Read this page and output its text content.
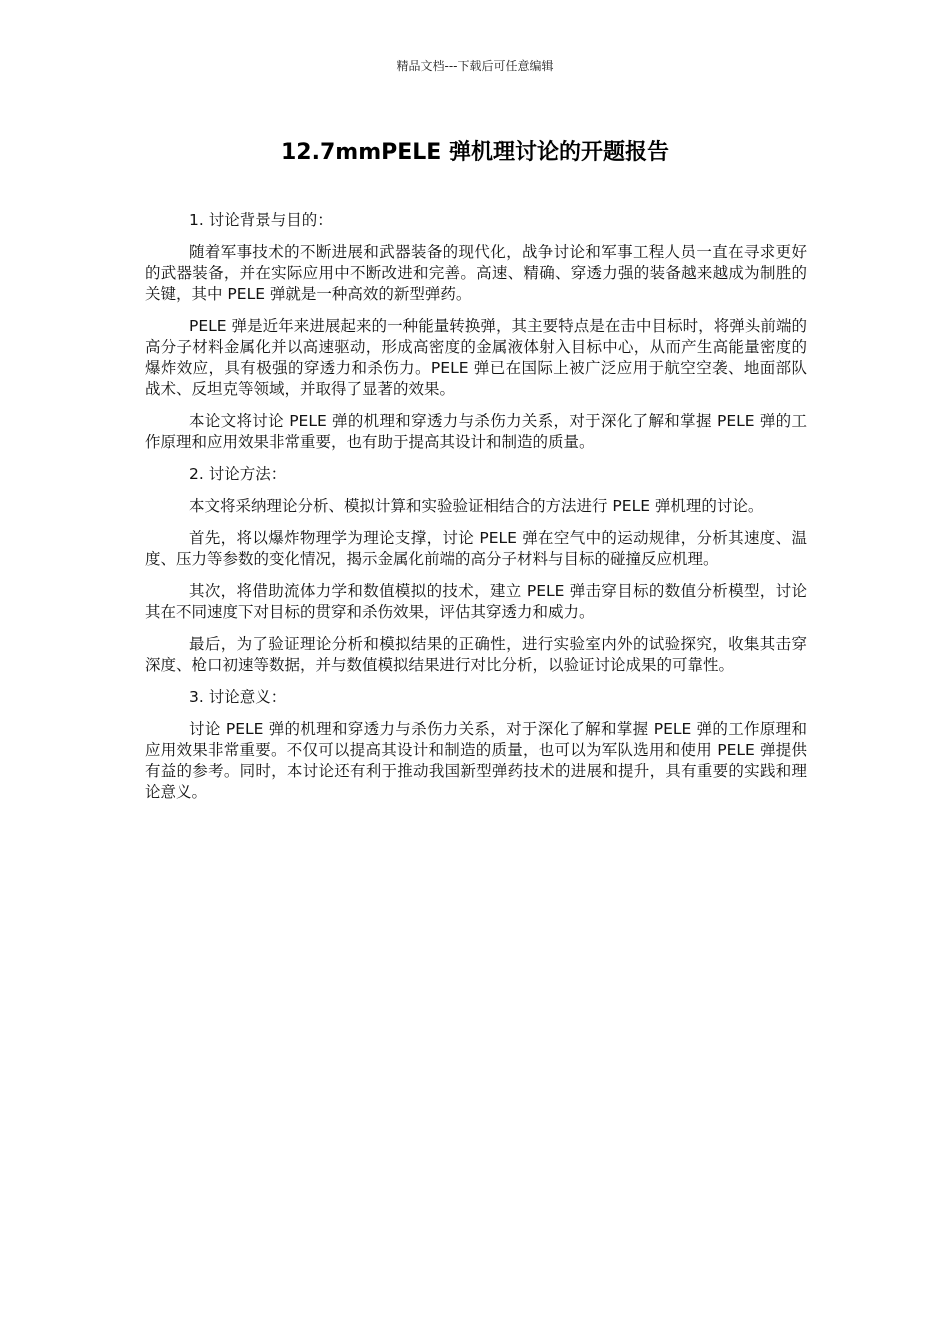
精品文档---下载后可任意编辑
12.7mmPELE 弹机理讨论的开题报告

1. 讨论背景与目的：

随着军事技术的不断进展和武器装备的现代化，战争讨论和军事工程人员一直在寻求更好的武器装备，并在实际应用中不断改进和完善。高速、精确、穿透力强的装备越来越成为制胜的关键，其中 PELE 弹就是一种高效的新型弹药。

PELE 弹是近年来进展起来的一种能量转换弹，其主要特点是在击中目标时，将弹头前端的高分子材料金属化并以高速驱动，形成高密度的金属液体射入目标中心，从而产生高能量密度的爆炸效应，具有极强的穿透力和杀伤力。PELE 弹已在国际上被广泛应用于航空空袭、地面部队战术、反坦克等领域，并取得了显著的效果。

本论文将讨论 PELE 弹的机理和穿透力与杀伤力关系，对于深化了解和掌握 PELE 弹的工作原理和应用效果非常重要，也有助于提高其设计和制造的质量。

2. 讨论方法：

本文将采纳理论分析、模拟计算和实验验证相结合的方法进行 PELE 弹机理的讨论。

首先，将以爆炸物理学为理论支撑，讨论 PELE 弹在空气中的运动规律，分析其速度、温度、压力等参数的变化情况，揭示金属化前端的高分子材料与目标的碰撞反应机理。

其次，将借助流体力学和数值模拟的技术，建立 PELE 弹击穿目标的数值分析模型，讨论其在不同速度下对目标的贯穿和杀伤效果，评估其穿透力和威力。

最后，为了验证理论分析和模拟结果的正确性，进行实验室内外的试验探究，收集其击穿深度、枪口初速等数据，并与数值模拟结果进行对比分析，以验证讨论成果的可靠性。

3. 讨论意义：

讨论 PELE 弹的机理和穿透力与杀伤力关系，对于深化了解和掌握 PELE 弹的工作原理和应用效果非常重要。不仅可以提高其设计和制造的质量，也可以为军队选用和使用 PELE 弹提供有益的参考。同时，本讨论还有利于推动我国新型弹药技术的进展和提升，具有重要的实践和理论意义。
